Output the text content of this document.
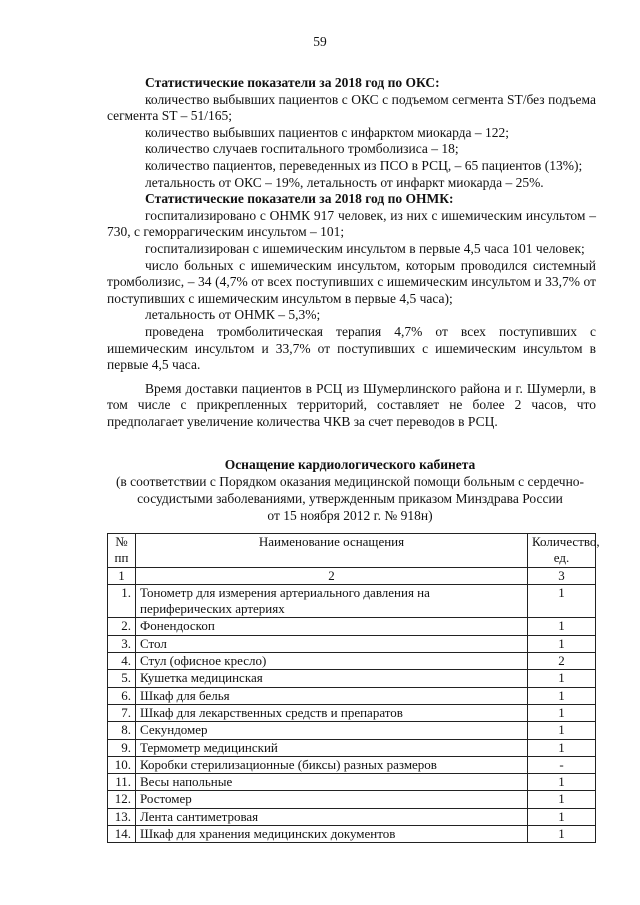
59

Статистические показатели за 2018 год по ОКС:

количество выбывших пациентов с ОКС с подъемом сегмента ST/без подъема сегмента ST – 51/165;

количество выбывших пациентов с инфарктом миокарда – 122;

количество случаев госпитального тромболизиса – 18;

количество пациентов, переведенных из ПСО в РСЦ, – 65 пациентов (13%);

летальность от ОКС – 19%, летальность от инфаркт миокарда – 25%.

Статистические показатели за 2018 год по ОНМК:

госпитализировано с ОНМК 917 человек, из них с ишемическим инсультом – 730, с геморрагическим инсультом – 101;

госпитализирован с ишемическим инсультом в первые 4,5 часа 101 человек;

число больных с ишемическим инсультом, которым проводился системный тромболизис, – 34 (4,7% от всех поступивших с ишемическим инсультом и 33,7% от поступивших с ишемическим инсультом в первые 4,5 часа);

летальность от ОНМК – 5,3%;

проведена тромболитическая терапия 4,7% от всех поступивших с ишемическим инсультом и 33,7% от поступивших с ишемическим инсультом в первые 4,5 часа.

Время доставки пациентов в РСЦ из Шумерлинского района и г. Шумерли, в том числе с прикрепленных территорий, составляет не более 2 часов, что предполагает увеличение количества ЧКВ за счет переводов в РСЦ.

Оснащение кардиологического кабинета
(в соответствии с Порядком оказания медицинской помощи больным с сердечно-
сосудистыми заболеваниями, утвержденным приказом Минздрава России
от 15 ноября 2012 г. № 918н)
№ пп	Наименование оснащения	Количество, ед.
1	2	3
1.	Тонометр для измерения артериального давления на периферических артериях	1
2.	Фонендоскоп	1
3.	Стол	1
4.	Стул (офисное кресло)	2
5.	Кушетка медицинская	1
6.	Шкаф для белья	1
7.	Шкаф для лекарственных средств и препаратов	1
8.	Секундомер	1
9.	Термометр медицинский	1
10.	Коробки стерилизационные (биксы) разных размеров	-
11.	Весы напольные	1
12.	Ростомер	1
13.	Лента сантиметровая	1
14.	Шкаф для хранения медицинских документов	1
